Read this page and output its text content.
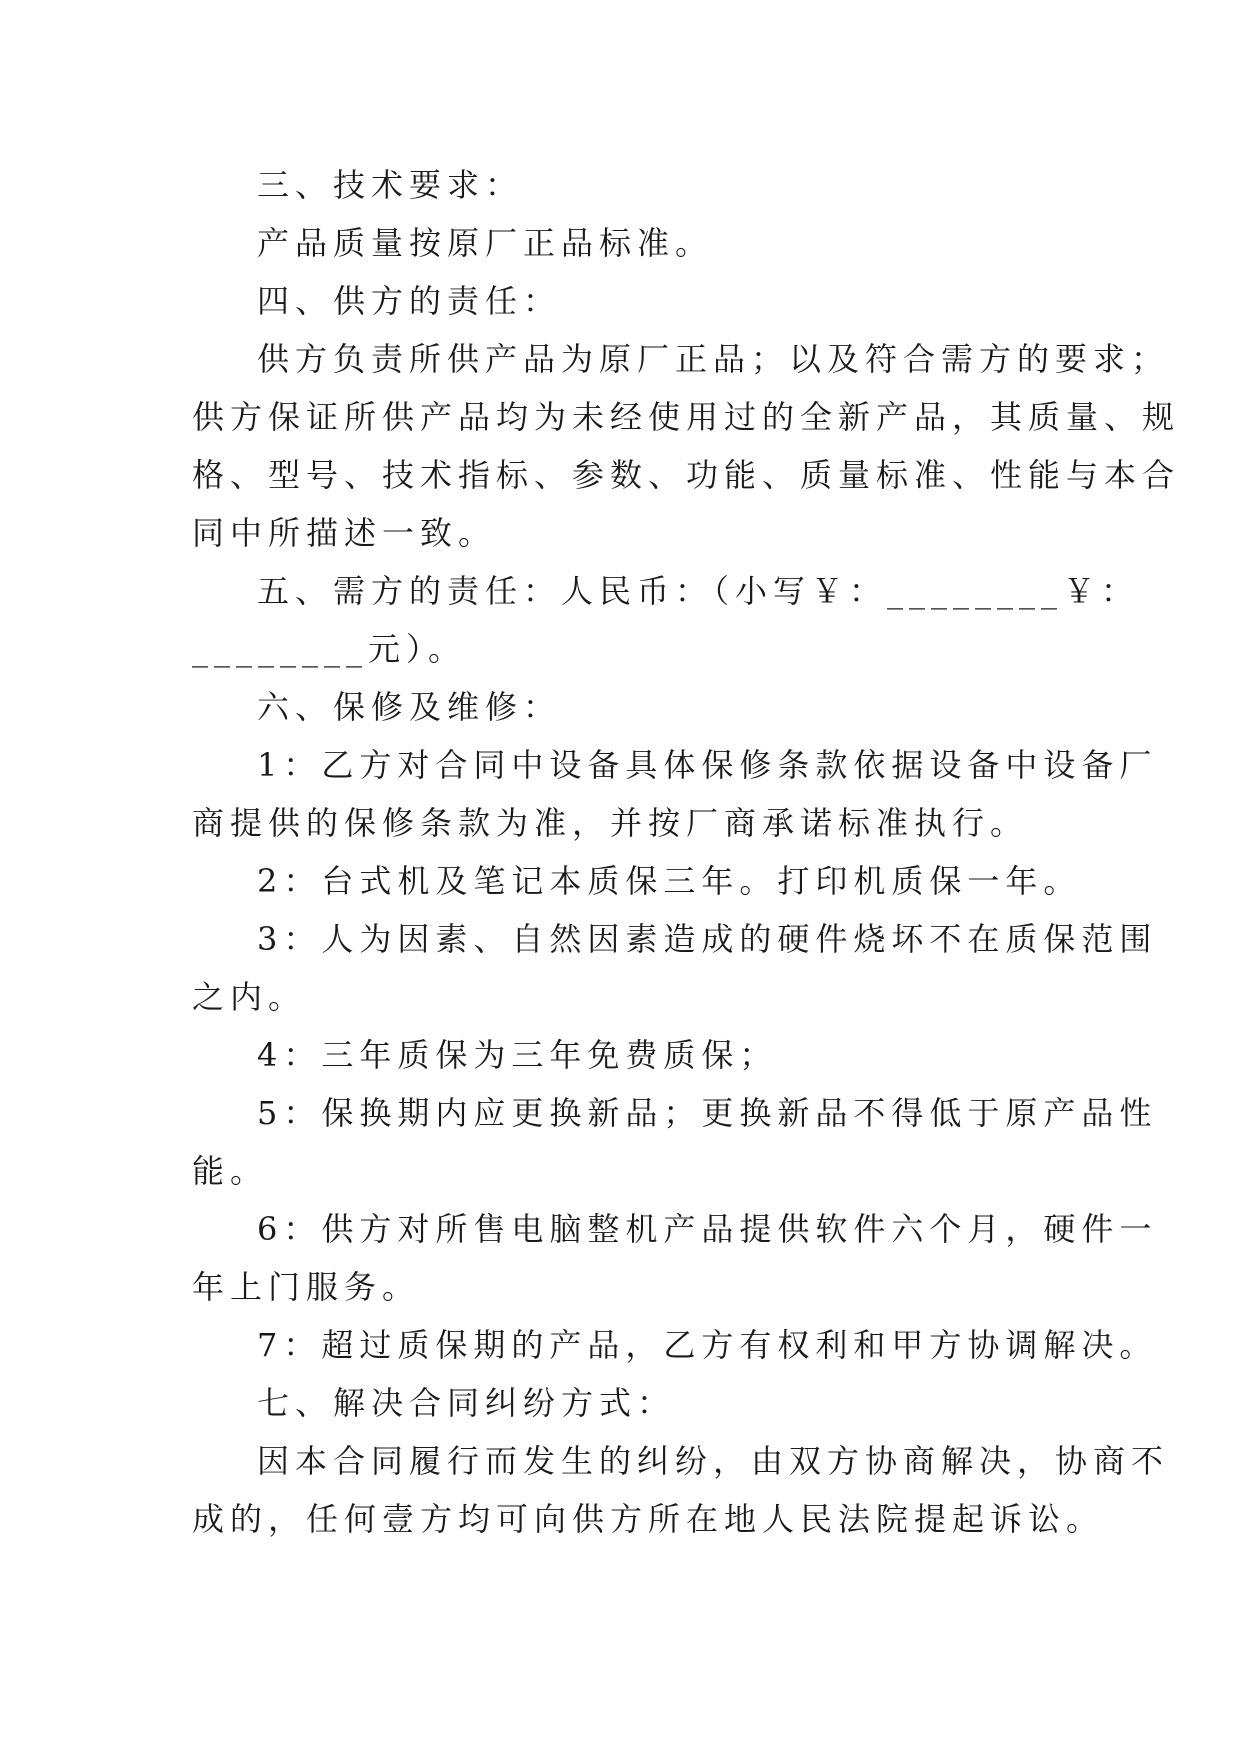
三、技术要求：
产品质量按原厂正品标准。
四、供方的责任：
供方负责所供产品为原厂正品；以及符合需方的要求；
供方保证所供产品均为未经使用过的全新产品，其质量、规
格、型号、技术指标、参数、功能、质量标准、性能与本合
同中所描述一致。
五、需方的责任：人民币：（小写￥：________￥：
________元）。
六、保修及维修：
1：乙方对合同中设备具体保修条款依据设备中设备厂
商提供的保修条款为准，并按厂商承诺标准执行。
2：台式机及笔记本质保三年。打印机质保一年。
3：人为因素、自然因素造成的硬件烧坏不在质保范围
之内。
4：三年质保为三年免费质保；
5：保换期内应更换新品；更换新品不得低于原产品性
能。
6：供方对所售电脑整机产品提供软件六个月，硬件一
年上门服务。
7：超过质保期的产品，乙方有权利和甲方协调解决。
七、解决合同纠纷方式：
因本合同履行而发生的纠纷，由双方协商解决，协商不
成的，任何壹方均可向供方所在地人民法院提起诉讼。
